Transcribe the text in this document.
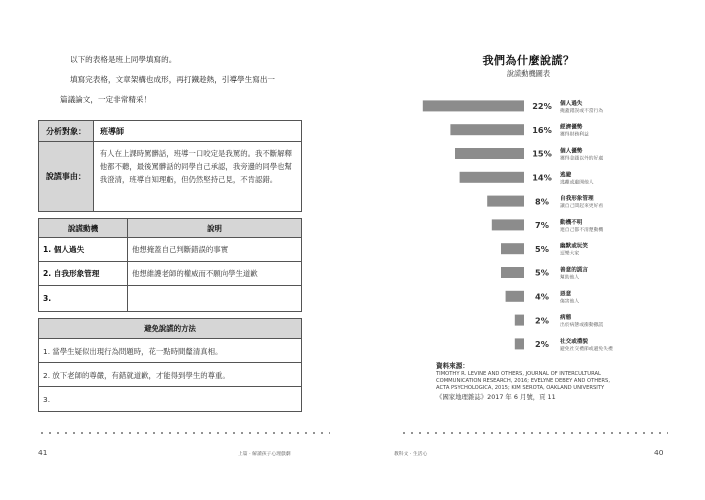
以下的表格是班上同學填寫的。

填寫完表格，文章架構也成形，再打鐵趁熱，引導學生寫出一

篇議論文，一定非常精采！

分析對象：	班導師
說謊事由：
有人在上課時罵髒話，班導一口咬定是我罵的。我不斷解釋他都不聽，最後罵髒話的同學自己承認，我旁邊的同學也幫我澄清，班導自知理虧，但仍然堅持己見，不肯認錯。
說謊動機	說明
1. 個人過失	他想掩蓋自己判斷錯誤的事實
2. 自我形象管理	他想維護老師的權威而不願向學生道歉
3.
避免說謊的方法
1. 當學生疑似出現行為問題時，花一點時間釐清真相。
2. 放下老師的尊嚴，有錯就道歉，才能得到學生的尊重。
3.
41	上篇 · 解讀孩子心理戲劇
我們為什麼說謊？
說謊動機圖表
22% 個人過失
掩蓋錯誤或不當行為
16% 經濟優勢
獲得財務利益
15% 個人優勢
獲得金錢以外的好處
14% 逃避
逃離或避開他人
8% 自我形象管理
讓自己間起來更好看
7% 動機不明
連自己都不清楚動機
5% 幽默或玩笑
逗樂大家
5% 善意的謊言
幫助他人
4% 惡意
傷害他人
2% 病態
出於病態或衝動撒謊
2% 社交或禮貌
避免社交禮節或避免失禮
資料來源：
TIMOTHY R. LEVINE AND OTHERS, JOURNAL OF INTERCULTURAL
COMMUNICATION RESEARCH, 2016; EVELYNE DEBEY AND OTHERS,
ACTA PSYCHOLOGICA, 2015; KIM SEROTA, OAKLAND UNIVERSITY
《國家地理雜誌》2017 年 6 月號，頁 11
教科文 · 生活心	40
